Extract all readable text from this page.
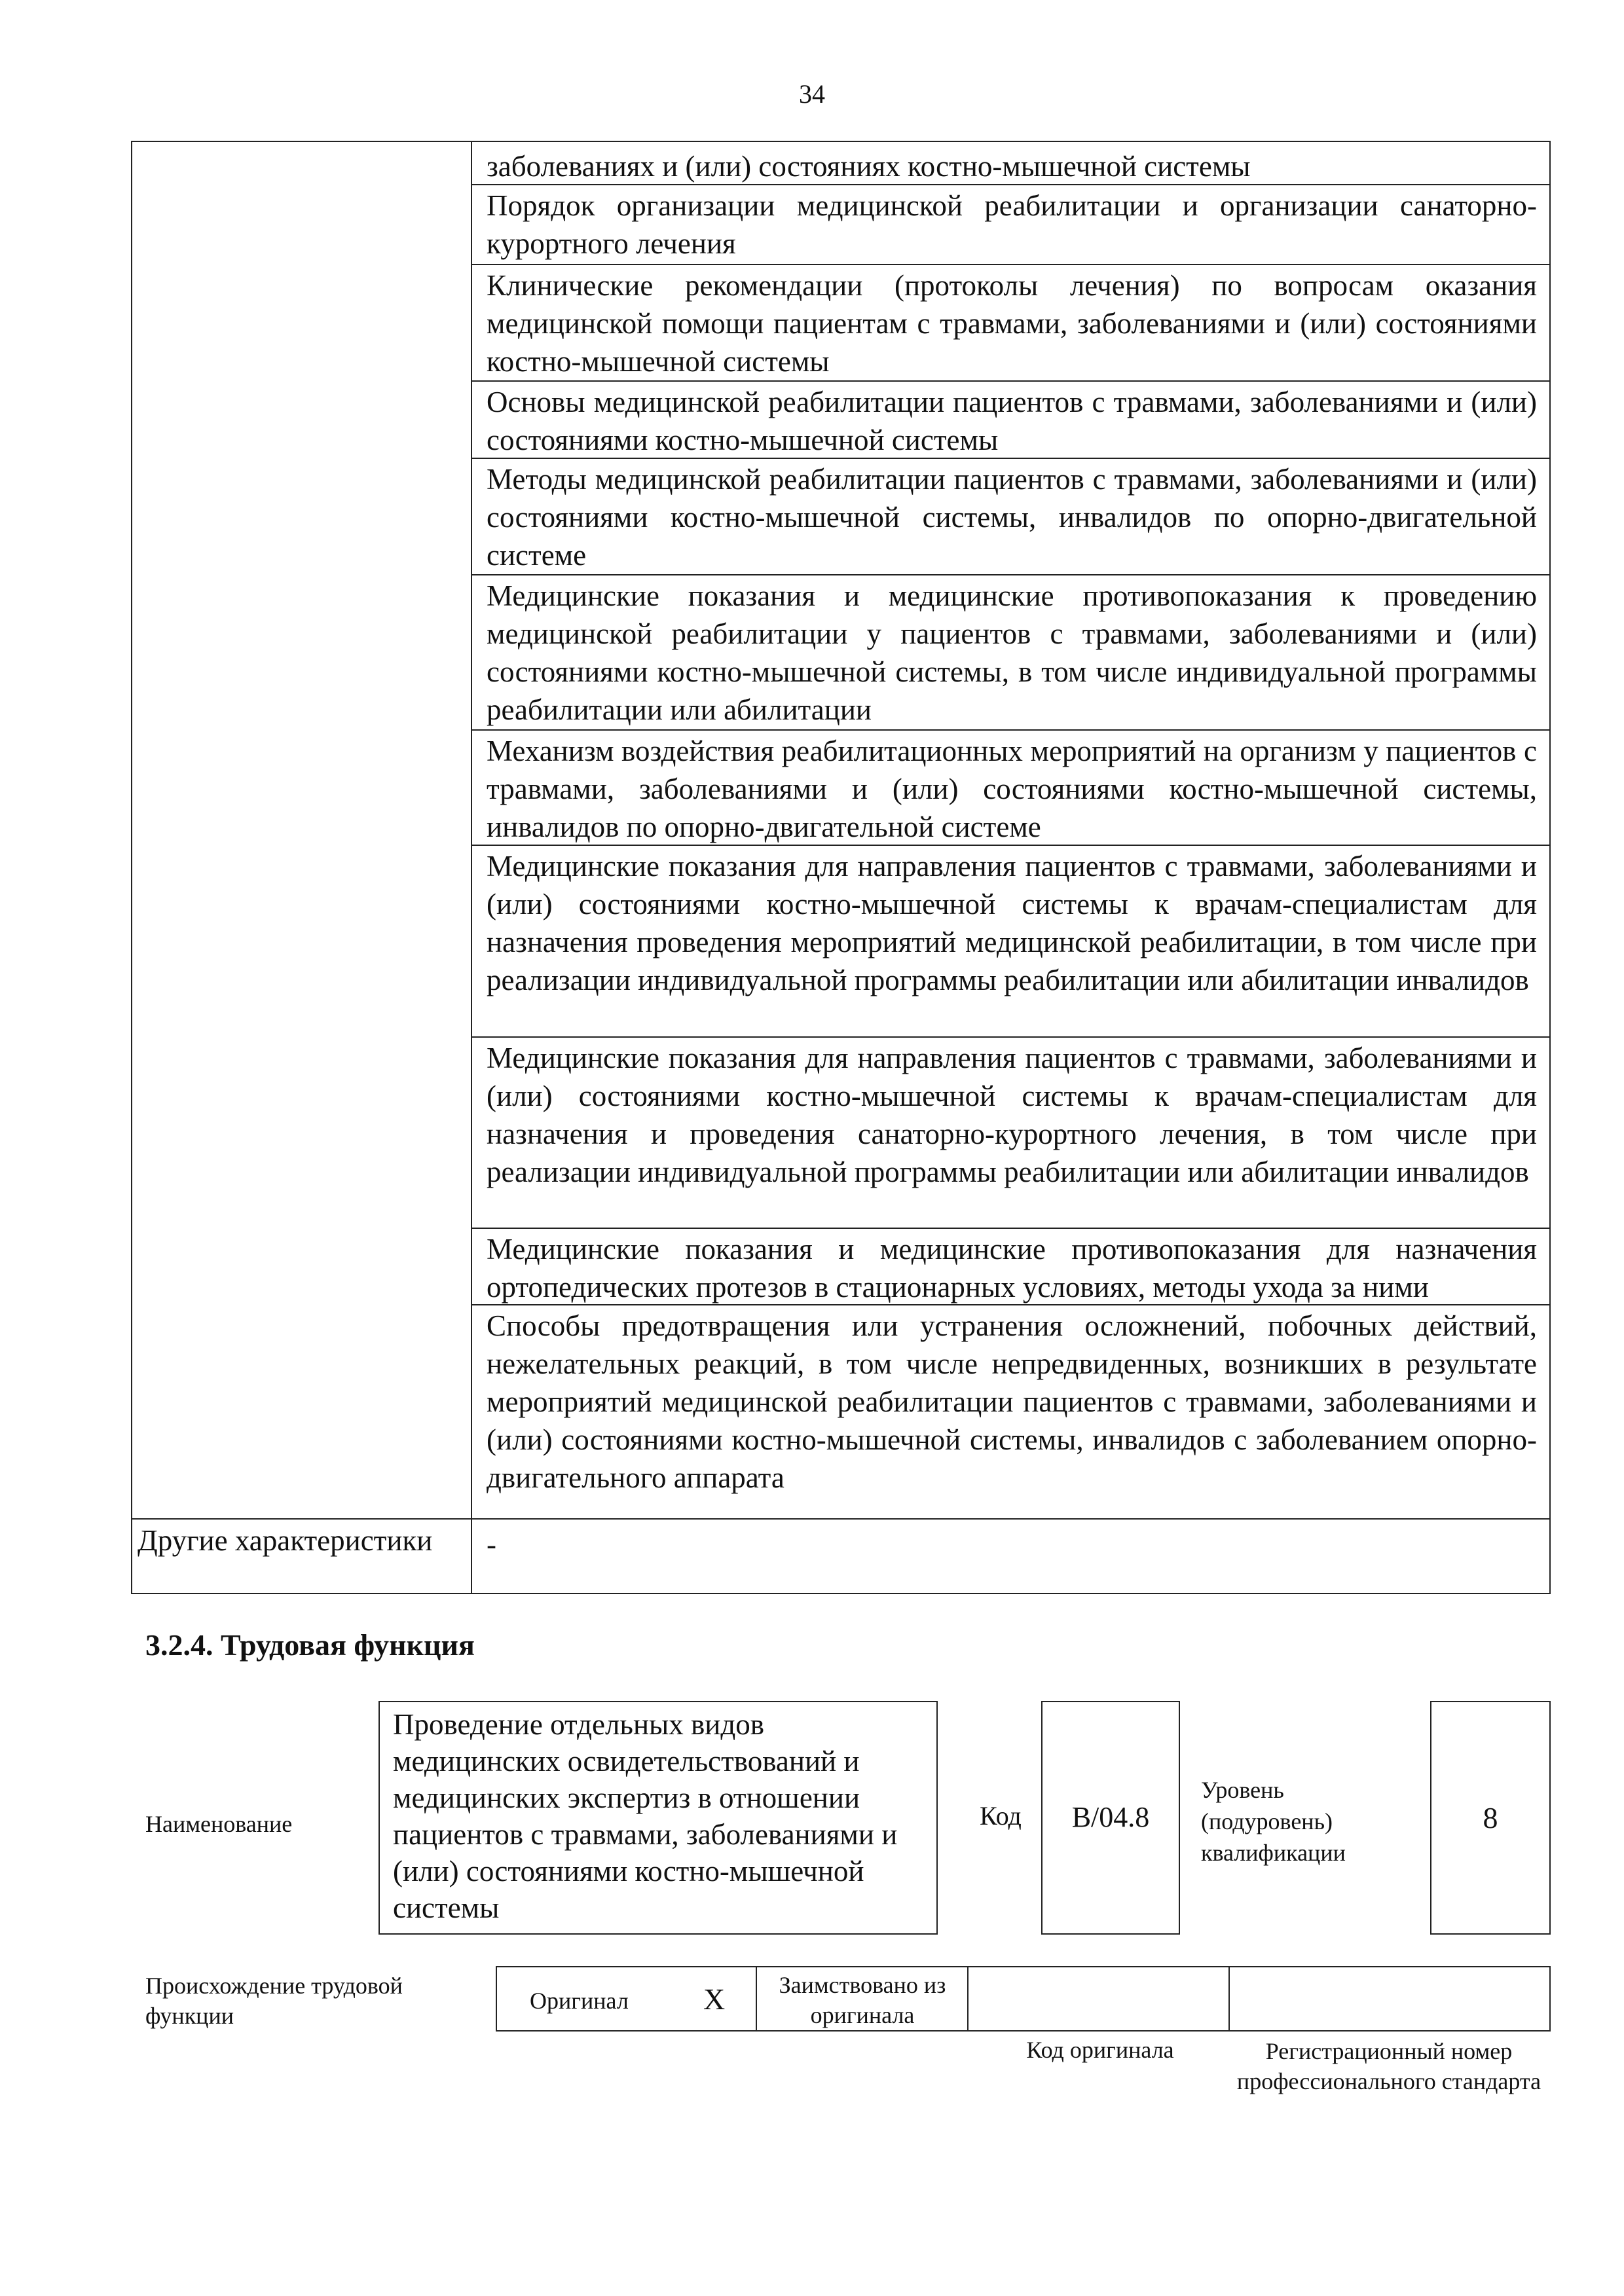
34
заболеваниях и (или) состояниях костно-мышечной системы
Порядок организации медицинской реабилитации и организации санаторно-курортного лечения
Клинические рекомендации (протоколы лечения) по вопросам оказания медицинской помощи пациентам с травмами, заболеваниями и (или) состояниями костно-мышечной системы
Основы медицинской реабилитации пациентов с травмами, заболеваниями и (или) состояниями костно-мышечной системы
Методы медицинской реабилитации пациентов с травмами, заболеваниями и (или) состояниями костно-мышечной системы, инвалидов по опорно-двигательной системе
Медицинские показания и медицинские противопоказания к проведению медицинской реабилитации у пациентов с травмами, заболеваниями и (или) состояниями костно-мышечной системы, в том числе индивидуальной программы реабилитации или абилитации
Механизм воздействия реабилитационных мероприятий на организм у пациентов с травмами, заболеваниями и (или) состояниями костно-мышечной системы, инвалидов по опорно-двигательной системе
Медицинские показания для направления пациентов с травмами, заболеваниями и (или) состояниями костно-мышечной системы к врачам-специалистам для назначения проведения мероприятий медицинской реабилитации, в том числе при реализации индивидуальной программы реабилитации или абилитации инвалидов
Медицинские показания для направления пациентов с травмами, заболеваниями и (или) состояниями костно-мышечной системы к врачам-специалистам для назначения и проведения санаторно-курортного лечения, в том числе при реализации индивидуальной программы реабилитации или абилитации инвалидов
Медицинские показания и медицинские противопоказания для назначения ортопедических протезов в стационарных условиях, методы ухода за ними
Способы предотвращения или устранения осложнений, побочных действий, нежелательных реакций, в том числе непредвиденных, возникших в результате мероприятий медицинской реабилитации пациентов с травмами, заболеваниями и (или) состояниями костно-мышечной системы, инвалидов с заболеванием опорно-двигательного аппарата
Другие характеристики	-
3.2.4. Трудовая функция
Наименование
Проведение отдельных видов медицинских освидетельствований и медицинских экспертиз в отношении пациентов с травмами, заболеваниями и (или) состояниями костно-мышечной системы
Код	B/04.8
Уровень (подуровень) квалификации
8
Происхождение трудовой функции
Оригинал X	Заимствовано из оригинала
Код оригинала	Регистрационный номер профессионального стандарта
